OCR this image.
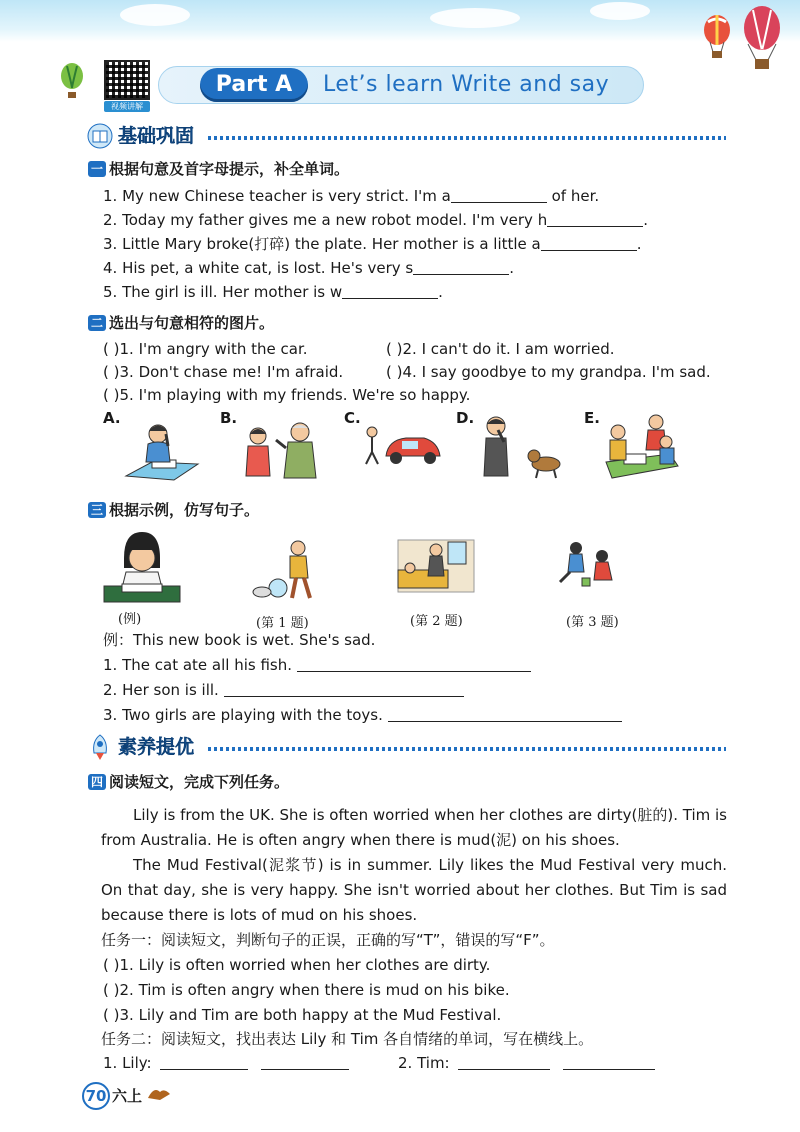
视频讲解
Part A	Let’s learn Write and say
基础巩固
一 根据句意及首字母提示，补全单词。
1. My new Chinese teacher is very strict. I'm a	of her.
2. Today my father gives me a new robot model. I'm very h	.
3. Little Mary broke(打碎) the plate. Her mother is a little a	.
4. His pet, a white cat, is lost. He's very s	.
5. The girl is ill. Her mother is w	.
二 选出与句意相符的图片。
( )1. I'm angry with the car.	( )2. I can't do it. I am worried.
( )3. Don't chase me! I'm afraid.	( )4. I say goodbye to my grandpa. I'm sad.
( )5. I'm playing with my friends. We're so happy.
A.	B.	C.	D.	E.
三 根据示例，仿写句子。
(例)	(第 1 题)	(第 2 题)	(第 3 题)
例：This new book is wet. She's sad.
1. The cat ate all his fish.
2. Her son is ill.
3. Two girls are playing with the toys.
素养提优
四 阅读短文，完成下列任务。
Lily is from the UK. She is often worried when her clothes are dirty(脏的). Tim is from Australia. He is often angry when there is mud(泥) on his shoes.
The Mud Festival(泥浆节) is in summer. Lily likes the Mud Festival very much. On that day, she is very happy. She isn't worried about her clothes. But Tim is sad because there is lots of mud on his shoes.
任务一：阅读短文，判断句子的正误，正确的写“T”，错误的写“F”。
( )1. Lily is often worried when her clothes are dirty.
( )2. Tim is often angry when there is mud on his bike.
( )3. Lily and Tim are both happy at the Mud Festival.
任务二：阅读短文，找出表达 Lily 和 Tim 各自情绪的单词，写在横线上。
1. Lily:	2. Tim:
70 六上
